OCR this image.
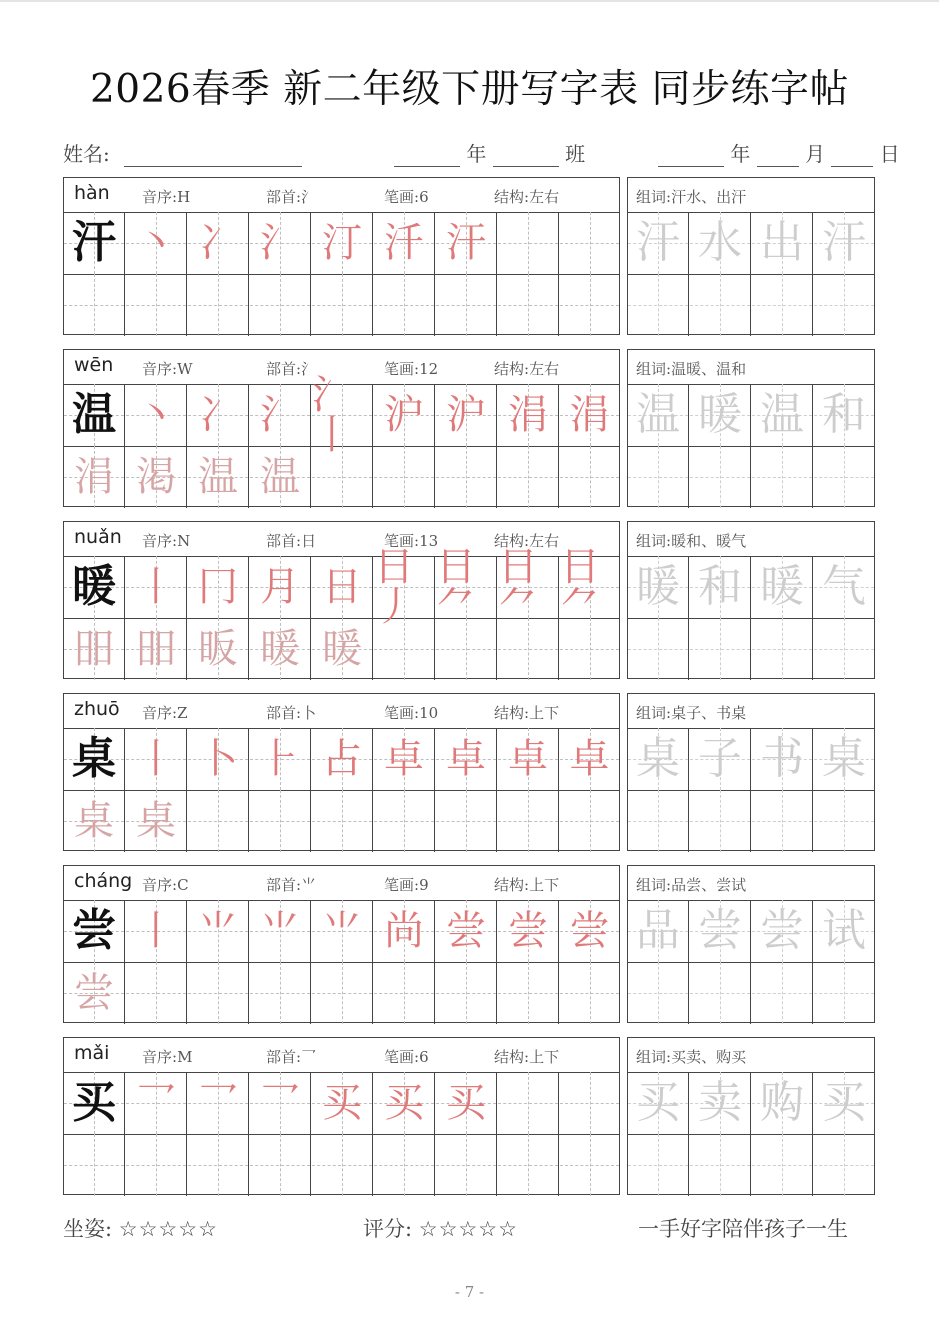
2026春季 新二年级下册写字表 同步练字帖
姓名:	年	班	年	月	日
hàn 音序:H	部首:氵	笔画:6	结构:左右
汗 丶 冫 氵 汀 汘 汗
组词:汗水、出汗
汗 水 出 汗
wēn 音序:W	部首:氵	笔画:12	结构:左右
温 丶 冫 氵 氵丨 沪 沪 涓 涓
涓 渇 温 温
组词:温暖、温和
温 暖 温 和
nuǎn 音序:N	部首:日	笔画:13	结构:左右
暖 丨 冂 月 日 日丿
日⺈
日⺈
日⺈
昍 昍 昄 暖 暖
组词:暖和、暖气
暖 和 暖 气
zhuō 音序:Z	部首:卜	笔画:10	结构:上下
桌 丨 卜 ⺊ 占 卓 卓 卓 卓
桌 桌
组词:桌子、书桌
桌 子 书 桌
cháng 音序:C	部首:⺌	笔画:9	结构:上下
尝 丨 ⺌ ⺌ ⺌ 尚 尝 尝 尝
尝
组词:品尝、尝试
品 尝 尝 试
mǎi 音序:M	部首:乛	笔画:6	结构:上下
买 乛 乛 乛 买 买 买
组词:买卖、购买
买 卖 购 买
坐姿: ☆☆☆☆☆	评分: ☆☆☆☆☆	一手好字陪伴孩子一生
- 7 -
